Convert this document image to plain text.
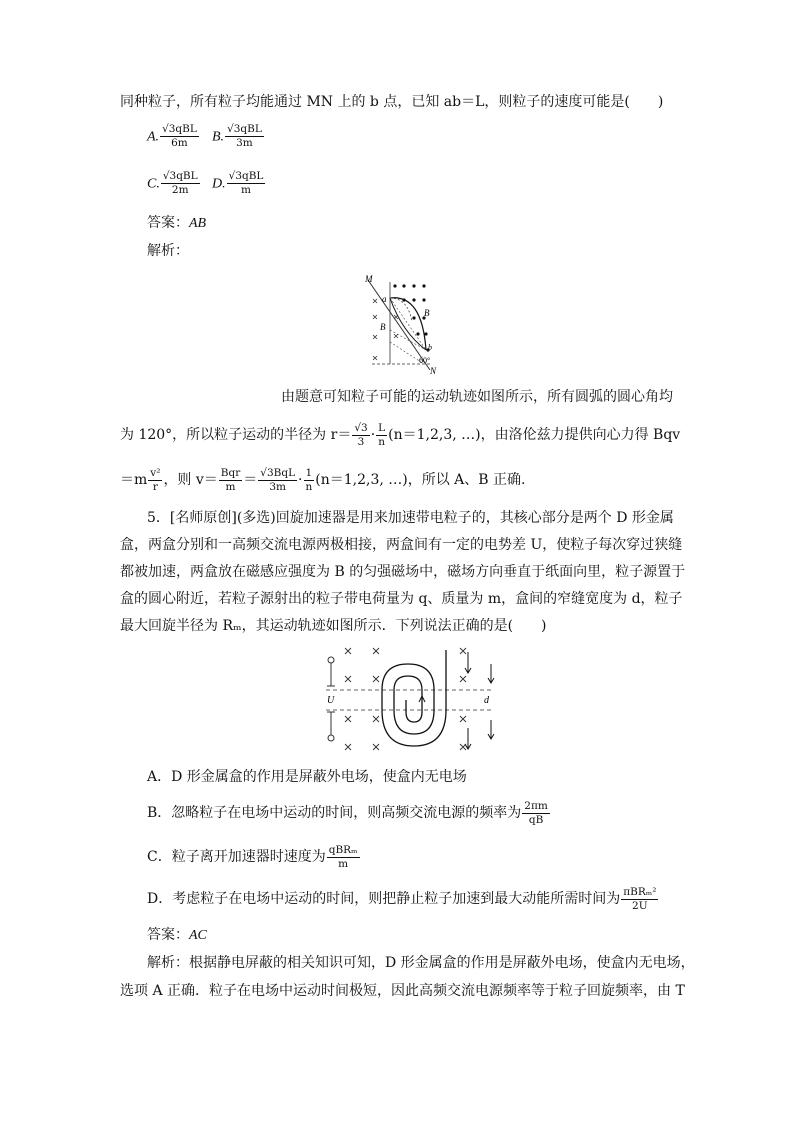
同种粒子，所有粒子均能通过 MN 上的 b 点，已知 ab＝L，则粒子的速度可能是(　　)
A. $\frac{\text{√3qBL}}{6m} B$. $\frac{\text{√3qBL}}{3m}$
C. $\frac{\text{√3qBL}}{2m} D$. $\frac{\text{√3qBL}}{m}$
答案：AB
解析：
M
a
B
B
b
60°
N
由题意可知粒子可能的运动轨迹如图所示，所有圆弧的圆心角均
为 120°，所以粒子运动的半径为 $r= \frac{√3}{3} \cdot \frac{L}{n} (n=1,2,3$, …)，由洛伦兹力提供向心力得 Bqv
$=m \frac{\text{v²}}{r}$ ，则 $v= \frac{\text{Bqr}}{m} = \frac{\text{√3BqL}}{3m} \cdot \frac{1}{n} (n=1,2,3$, …)，所以 A、B 正确.
5．[名师原创](多选)回旋加速器是用来加速带电粒子的，其核心部分是两个 D 形金属
盒，两盒分别和一高频交流电源两极相接，两盒间有一定的电势差 U，使粒子每次穿过狭缝
都被加速，两盒放在磁感应强度为 B 的匀强磁场中，磁场方向垂直于纸面向里，粒子源置于
盒的圆心附近，若粒子源射出的粒子带电荷量为 q、质量为 m，盒间的窄缝宽度为 d，粒子
最大回旋半径为 Rₘ，其运动轨迹如图所示．下列说法正确的是(　　)
U	d
A．D 形金属盒的作用是屏蔽外电场，使盒内无电场
B．忽略粒子在电场中运动的时间，则高频交流电源的频率为 $\frac{2\pi m}{qB}$
C．粒子离开加速器时速度为 $\frac{\text{qBRₘ}}{m}$
D．考虑粒子在电场中运动的时间，则把静止粒子加速到最大动能所需时间为 $\frac{\text{πBRₘ²}}{2U}$
答案：AC
解析：根据静电屏蔽的相关知识可知，D 形金属盒的作用是屏蔽外电场，使盒内无电场，
选项 A 正确．粒子在电场中运动时间极短，因此高频交流电源频率等于粒子回旋频率，由 T
